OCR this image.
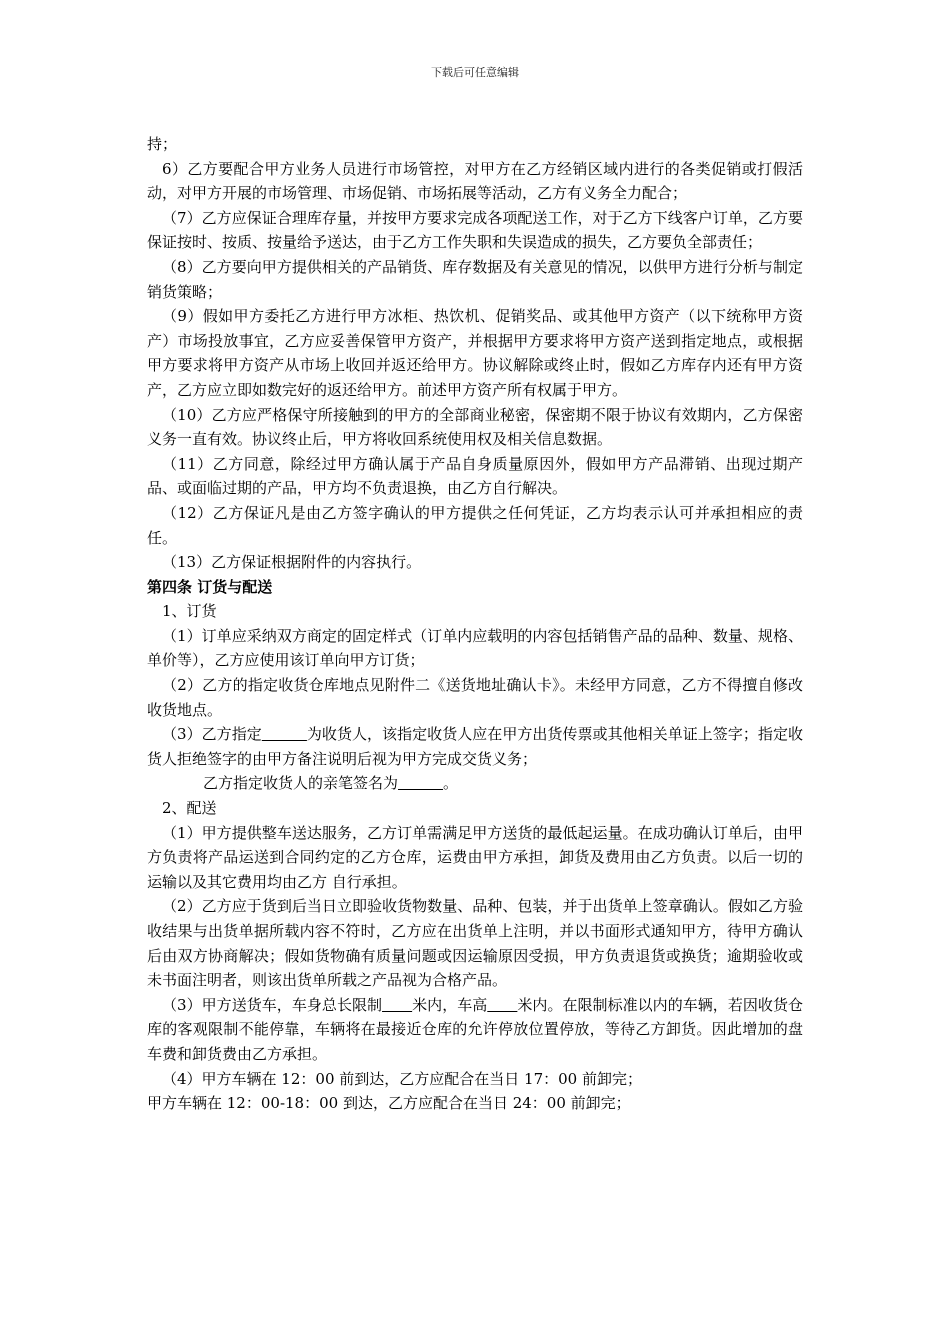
下载后可任意编辑

持；

6）乙方要配合甲方业务人员进行市场管控，对甲方在乙方经销区域内进行的各类促销或打假活动，对甲方开展的市场管理、市场促销、市场拓展等活动，乙方有义务全力配合；

（7）乙方应保证合理库存量，并按甲方要求完成各项配送工作，对于乙方下线客户订单，乙方要保证按时、按质、按量给予送达，由于乙方工作失职和失误造成的损失，乙方要负全部责任；

（8）乙方要向甲方提供相关的产品销货、库存数据及有关意见的情况，以供甲方进行分析与制定销货策略；

（9）假如甲方委托乙方进行甲方冰柜、热饮机、促销奖品、或其他甲方资产（以下统称甲方资产）市场投放事宜，乙方应妥善保管甲方资产，并根据甲方要求将甲方资产送到指定地点，或根据甲方要求将甲方资产从市场上收回并返还给甲方。协议解除或终止时，假如乙方库存内还有甲方资产，乙方应立即如数完好的返还给甲方。前述甲方资产所有权属于甲方。

（10）乙方应严格保守所接触到的甲方的全部商业秘密，保密期不限于协议有效期内，乙方保密义务一直有效。协议终止后，甲方将收回系统使用权及相关信息数据。

（11）乙方同意，除经过甲方确认属于产品自身质量原因外，假如甲方产品滞销、出现过期产品、或面临过期的产品，甲方均不负责退换，由乙方自行解决。

（12）乙方保证凡是由乙方签字确认的甲方提供之任何凭证，乙方均表示认可并承担相应的责任。

（13）乙方保证根据附件的内容执行。

第四条 订货与配送

1、订货

（1）订单应采纳双方商定的固定样式（订单内应载明的内容包括销售产品的品种、数量、规格、单价等），乙方应使用该订单向甲方订货；

（2）乙方的指定收货仓库地点见附件二《送货地址确认卡》。未经甲方同意，乙方不得擅自修改收货地点。

（3）乙方指定　　　	为收货人，该指定收货人应在甲方出货传票或其他相关单证上签字；指定收货人拒绝签字的由甲方备注说明后视为甲方完成交货义务；

乙方指定收货人的亲笔签名为　　　	。

2、配送

（1）甲方提供整车送达服务，乙方订单需满足甲方送货的最低起运量。在成功确认订单后，由甲方负责将产品运送到合同约定的乙方仓库，运费由甲方承担，卸货及费用由乙方负责。以后一切的运输以及其它费用均由乙方 自行承担。

（2）乙方应于货到后当日立即验收货物数量、品种、包装，并于出货单上签章确认。假如乙方验收结果与出货单据所载内容不符时，乙方应在出货单上注明，并以书面形式通知甲方，待甲方确认后由双方协商解决；假如货物确有质量问题或因运输原因受损，甲方负责退货或换货；逾期验收或未书面注明者，则该出货单所载之产品视为合格产品。

（3）甲方送货车，车身总长限制　　 米内，车高　　 米内。在限制标准以内的车辆，若因收货仓库的客观限制不能停靠，车辆将在最接近仓库的允许停放位置停放，等待乙方卸货。因此增加的盘车费和卸货费由乙方承担。

（4）甲方车辆在 12：00 前到达，乙方应配合在当日 17：00 前卸完；

甲方车辆在 12：00-18：00 到达，乙方应配合在当日 24：00 前卸完；
